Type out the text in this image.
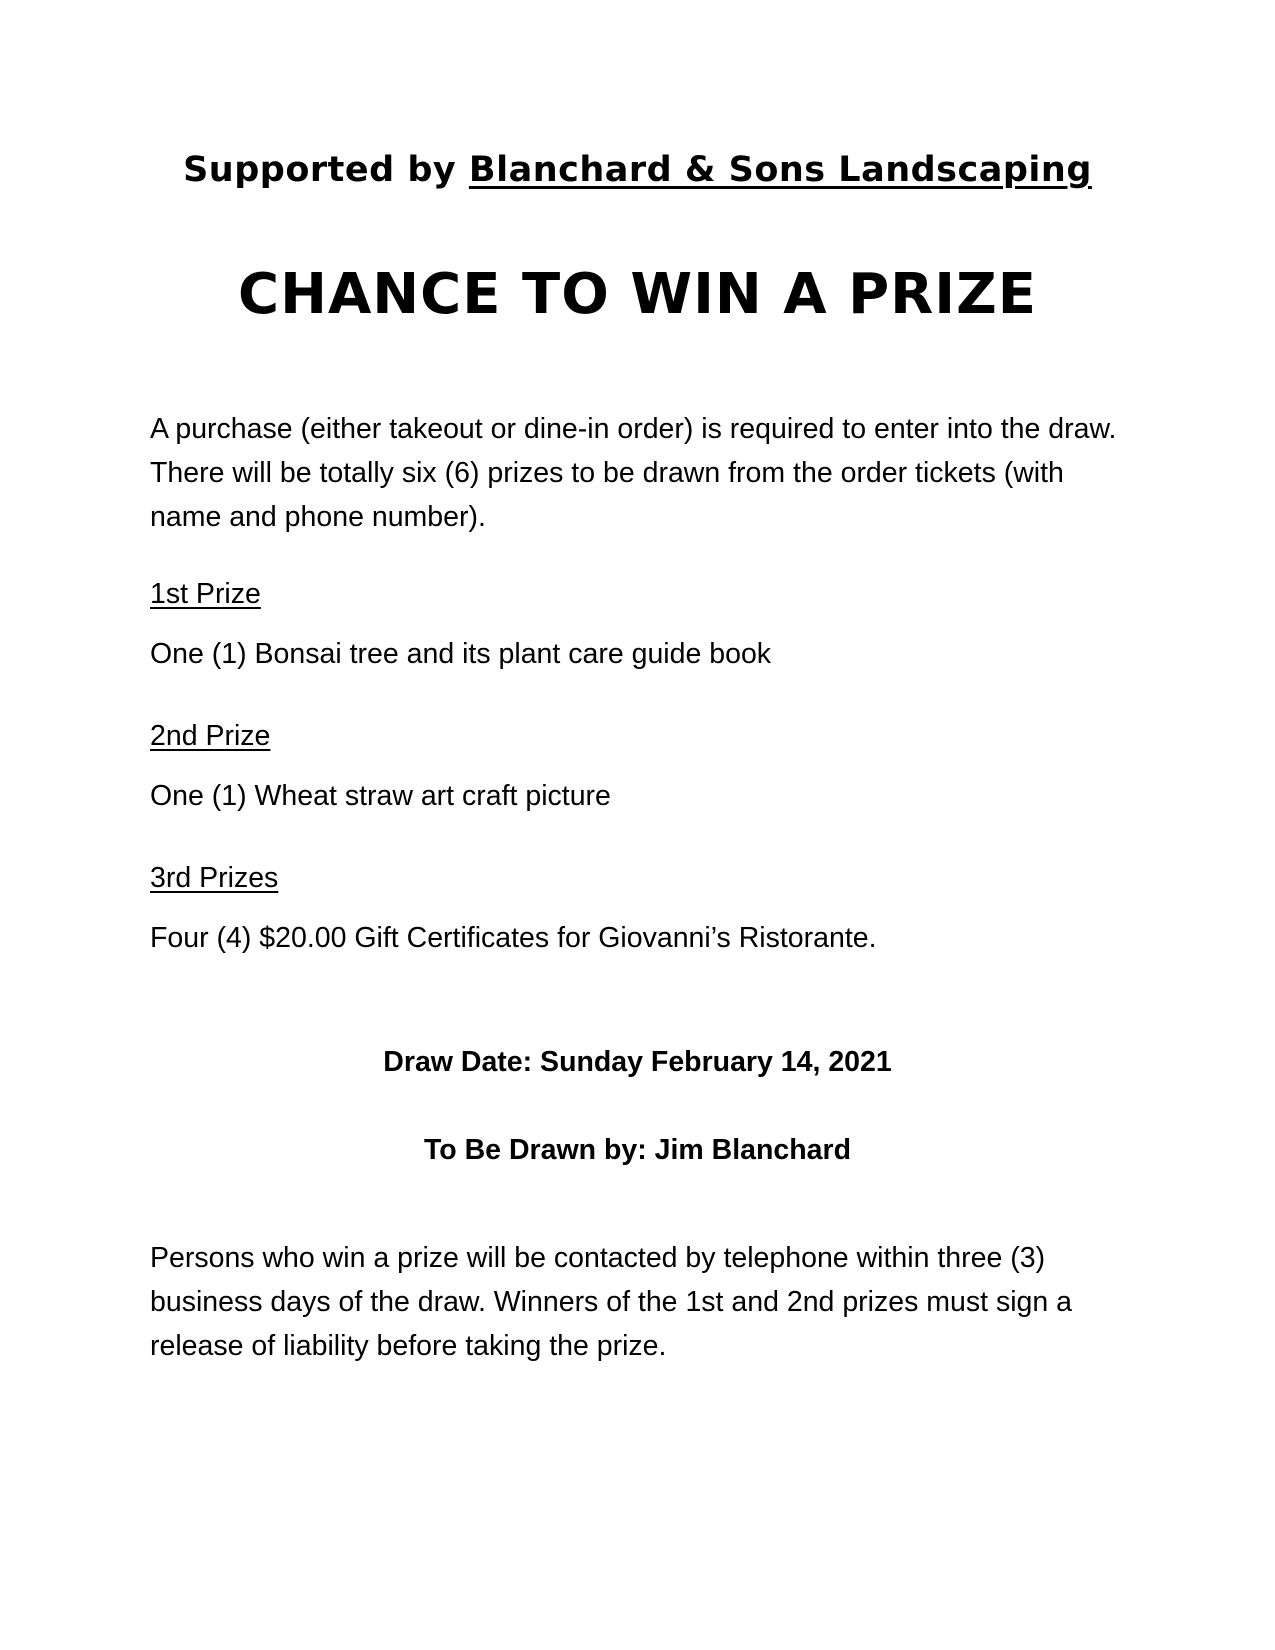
Supported by Blanchard & Sons Landscaping
CHANCE TO WIN A PRIZE
A purchase (either takeout or dine-in order) is required to enter into the draw. There will be totally six (6) prizes to be drawn from the order tickets (with name and phone number).
1st Prize
One (1) Bonsai tree and its plant care guide book
2nd Prize
One (1) Wheat straw art craft picture
3rd Prizes
Four (4) $20.00 Gift Certificates for Giovanni’s Ristorante.
Draw Date: Sunday February 14, 2021
To Be Drawn by: Jim Blanchard
Persons who win a prize will be contacted by telephone within three (3) business days of the draw. Winners of the 1st and 2nd prizes must sign a release of liability before taking the prize.
